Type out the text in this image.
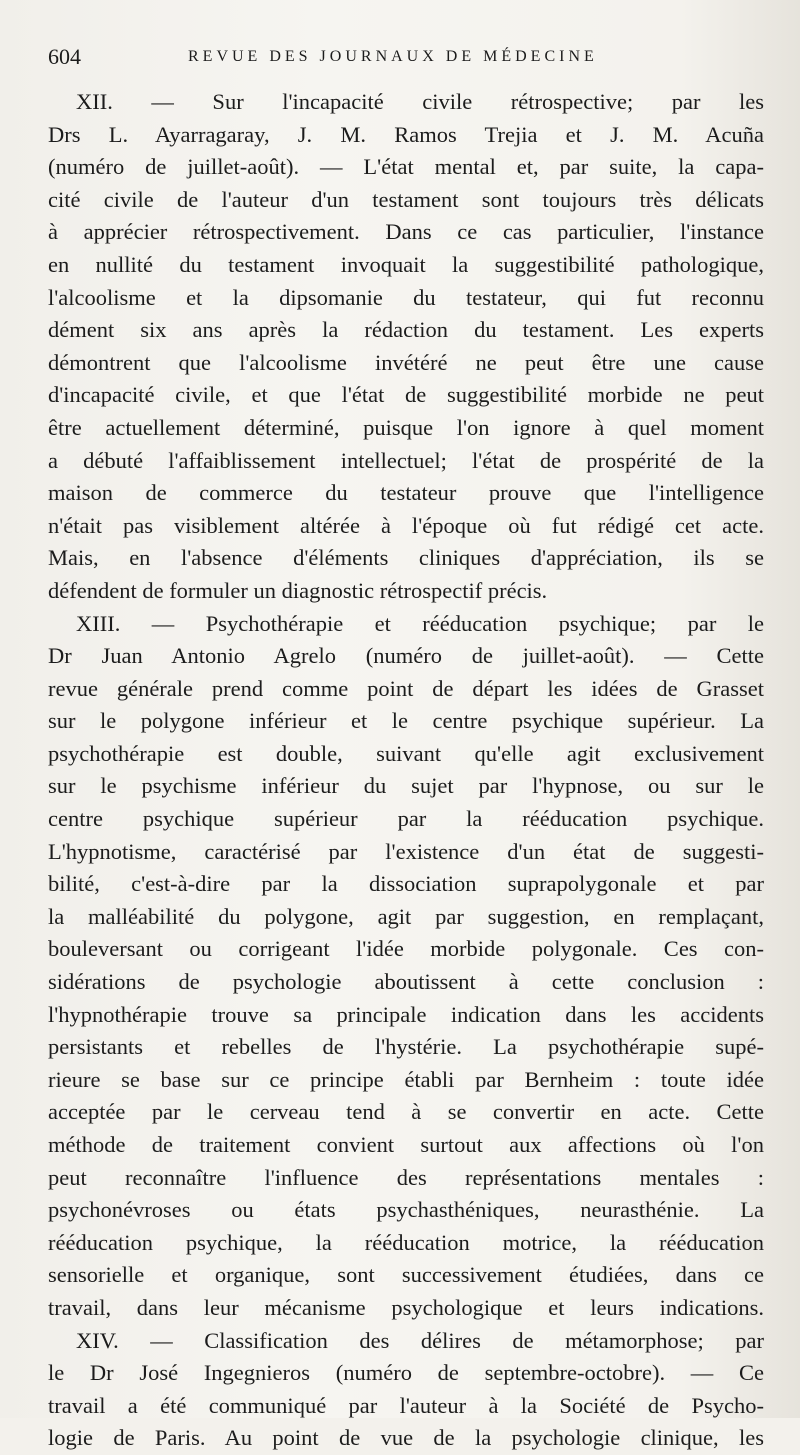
604	REVUE DES JOURNAUX DE MÉDECINE
XII. — Sur l'incapacité civile rétrospective; par les
Drs L. Ayarragaray, J. M. Ramos Trejia et J. M. Acuña
(numéro de juillet-août). — L'état mental et, par suite, la capa-
cité civile de l'auteur d'un testament sont toujours très délicats
à apprécier rétrospectivement. Dans ce cas particulier, l'instance
en nullité du testament invoquait la suggestibilité pathologique,
l'alcoolisme et la dipsomanie du testateur, qui fut reconnu
dément six ans après la rédaction du testament. Les experts
démontrent que l'alcoolisme invétéré ne peut être une cause
d'incapacité civile, et que l'état de suggestibilité morbide ne peut
être actuellement déterminé, puisque l'on ignore à quel moment
a débuté l'affaiblissement intellectuel; l'état de prospérité de la
maison de commerce du testateur prouve que l'intelligence
n'était pas visiblement altérée à l'époque où fut rédigé cet acte.
Mais, en l'absence d'éléments cliniques d'appréciation, ils se
défendent de formuler un diagnostic rétrospectif précis.
XIII. — Psychothérapie et rééducation psychique; par le
Dr Juan Antonio Agrelo (numéro de juillet-août). — Cette
revue générale prend comme point de départ les idées de Grasset
sur le polygone inférieur et le centre psychique supérieur. La
psychothérapie est double, suivant qu'elle agit exclusivement
sur le psychisme inférieur du sujet par l'hypnose, ou sur le
centre psychique supérieur par la rééducation psychique.
L'hypnotisme, caractérisé par l'existence d'un état de suggesti-
bilité, c'est-à-dire par la dissociation suprapolygonale et par
la malléabilité du polygone, agit par suggestion, en remplaçant,
bouleversant ou corrigeant l'idée morbide polygonale. Ces con-
sidérations de psychologie aboutissent à cette conclusion :
l'hypnothérapie trouve sa principale indication dans les accidents
persistants et rebelles de l'hystérie. La psychothérapie supé-
rieure se base sur ce principe établi par Bernheim : toute idée
acceptée par le cerveau tend à se convertir en acte. Cette
méthode de traitement convient surtout aux affections où l'on
peut reconnaître l'influence des représentations mentales :
psychonévroses ou états psychasthéniques, neurasthénie. La
rééducation psychique, la rééducation motrice, la rééducation
sensorielle et organique, sont successivement étudiées, dans ce
travail, dans leur mécanisme psychologique et leurs indications.
XIV. — Classification des délires de métamorphose; par
le Dr José Ingegnieros (numéro de septembre-octobre). — Ce
travail a été communiqué par l'auteur à la Société de Psycho-
logie de Paris. Au point de vue de la psychologie clinique, les
